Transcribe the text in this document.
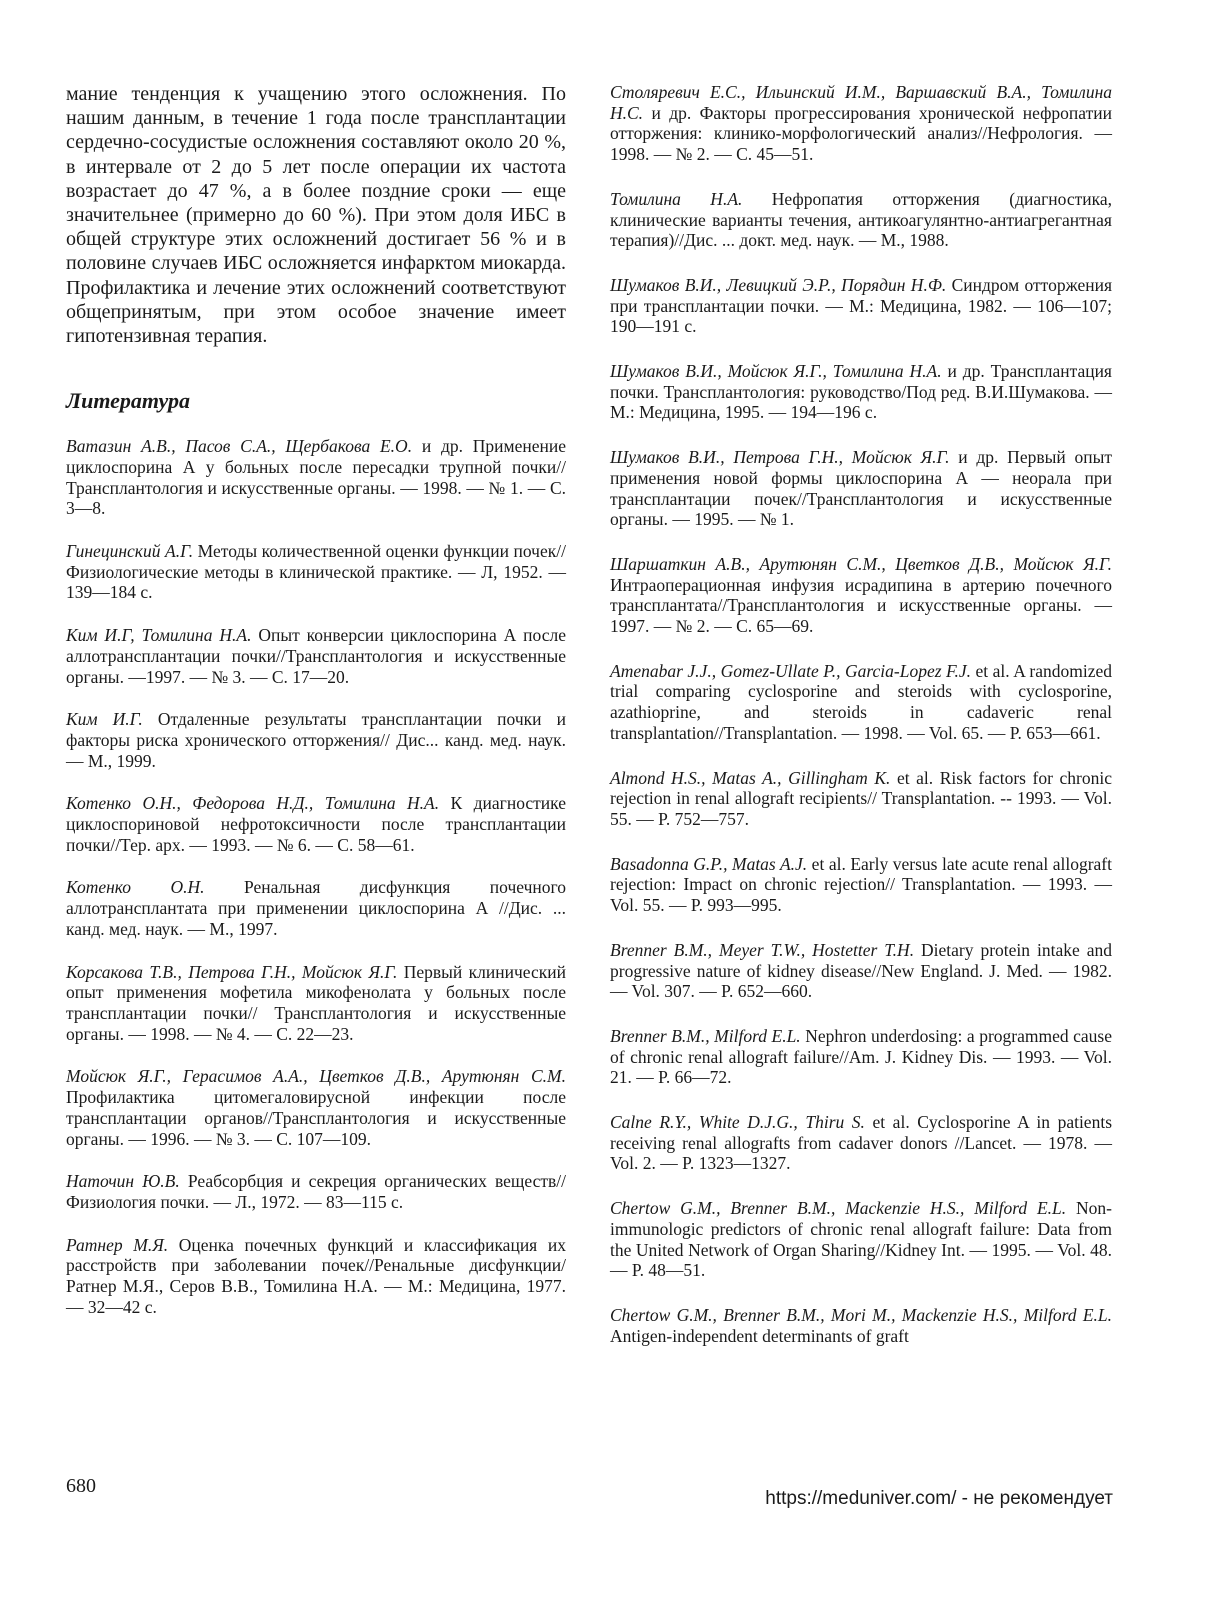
мание тенденция к учащению этого осложнения. По нашим данным, в течение 1 года после трансплантации сердечно-сосудистые осложнения составляют около 20 %, в интервале от 2 до 5 лет после операции их частота возрастает до 47 %, а в более поздние сроки — еще значительнее (примерно до 60 %). При этом доля ИБС в общей структуре этих осложнений достигает 56 % и в половине случаев ИБС осложняется инфарктом миокарда. Профилактика и лечение этих осложнений соответствуют общепринятым, при этом особое значение имеет гипотензивная терапия.

Литература

Ватазин А.В., Пасов С.А., Щербакова Е.О. и др. Применение циклоспорина А у больных после пересадки трупной почки//Трансплантология и искусственные органы. — 1998. — № 1. — С. 3—8.

Гинецинский А.Г. Методы количественной оценки функции почек//Физиологические методы в клинической практике. — Л, 1952. — 139—184 с.

Ким И.Г, Томилина Н.А. Опыт конверсии циклоспорина А после аллотрансплантации почки//Трансплантология и искусственные органы. —1997. — № 3. — С. 17—20.

Ким И.Г. Отдаленные результаты трансплантации почки и факторы риска хронического отторжения// Дис... канд. мед. наук. — М., 1999.

Котенко О.Н., Федорова Н.Д., Томилина Н.А. К диагностике циклоспориновой нефротоксичности после трансплантации почки//Тер. арх. — 1993. — № 6. — С. 58—61.

Котенко О.Н. Ренальная дисфункция почечного аллотрансплантата при применении циклоспорина А //Дис. ... канд. мед. наук. — М., 1997.

Корсакова Т.В., Петрова Г.Н., Мойсюк Я.Г. Первый клинический опыт применения мофетила микофенолата у больных после трансплантации почки// Трансплантология и искусственные органы. — 1998. — № 4. — С. 22—23.

Мойсюк Я.Г., Герасимов А.А., Цветков Д.В., Арутюнян С.М. Профилактика цитомегаловирусной инфекции после трансплантации органов//Трансплантология и искусственные органы. — 1996. — № 3. — С. 107—109.

Наточин Ю.В. Реабсорбция и секреция органических веществ//Физиология почки. — Л., 1972. — 83—115 с.

Ратнер М.Я. Оценка почечных функций и классификация их расстройств при заболевании почек//Ренальные дисфункции/Ратнер М.Я., Серов В.В., Томилина Н.А. — М.: Медицина, 1977. — 32—42 с.

Столяревич Е.С., Ильинский И.М., Варшавский В.А., Томилина Н.С. и др. Факторы прогрессирования хронической нефропатии отторжения: клинико-морфологический анализ//Нефрология. — 1998. — № 2. — С. 45—51.

Томилина Н.А. Нефропатия отторжения (диагностика, клинические варианты течения, антикоагулянтно-антиагрегантная терапия)//Дис. ... докт. мед. наук. — М., 1988.

Шумаков В.И., Левицкий Э.Р., Порядин Н.Ф. Синдром отторжения при трансплантации почки. — М.: Медицина, 1982. — 106—107; 190—191 с.

Шумаков В.И., Мойсюк Я.Г., Томилина Н.А. и др. Трансплантация почки. Трансплантология: руководство/Под ред. В.И.Шумакова. — М.: Медицина, 1995. — 194—196 с.

Шумаков В.И., Петрова Г.Н., Мойсюк Я.Г. и др. Первый опыт применения новой формы циклоспорина А — неорала при трансплантации почек//Трансплантология и искусственные органы. — 1995. — № 1.

Шаршаткин А.В., Арутюнян С.М., Цветков Д.В., Мойсюк Я.Г. Интраоперационная инфузия исрадипина в артерию почечного трансплантата//Трансплантология и искусственные органы. — 1997. — № 2. — С. 65—69.

Amenabar J.J., Gomez-Ullate P., Garcia-Lopez F.J. et al. A randomized trial comparing cyclosporine and steroids with cyclosporine, azathioprine, and steroids in cadaveric renal transplantation//Transplantation. — 1998. — Vol. 65. — P. 653—661.

Almond H.S., Matas A., Gillingham K. et al. Risk factors for chronic rejection in renal allograft recipients// Transplantation. -- 1993. — Vol. 55. — P. 752—757.

Basadonna G.P., Matas A.J. et al. Early versus late acute renal allograft rejection: Impact on chronic rejection// Transplantation. — 1993. — Vol. 55. — P. 993—995.

Brenner B.M., Meyer T.W., Hostetter T.H. Dietary protein intake and progressive nature of kidney disease//New England. J. Med. — 1982. — Vol. 307. — P. 652—660.

Brenner B.M., Milford E.L. Nephron underdosing: a programmed cause of chronic renal allograft failure//Am. J. Kidney Dis. — 1993. — Vol. 21. — P. 66—72.

Calne R.Y., White D.J.G., Thiru S. et al. Cyclosporine A in patients receiving renal allografts from cadaver donors //Lancet. — 1978. — Vol. 2. — P. 1323—1327.

Chertow G.M., Brenner B.M., Mackenzie H.S., Milford E.L. Non-immunologic predictors of chronic renal allograft failure: Data from the United Network of Organ Sharing//Kidney Int. — 1995. — Vol. 48. — P. 48—51.

Chertow G.M., Brenner B.M., Mori M., Mackenzie H.S., Milford E.L. Antigen-independent determinants of graft

680
https://meduniver.com/ - не рекомендует
